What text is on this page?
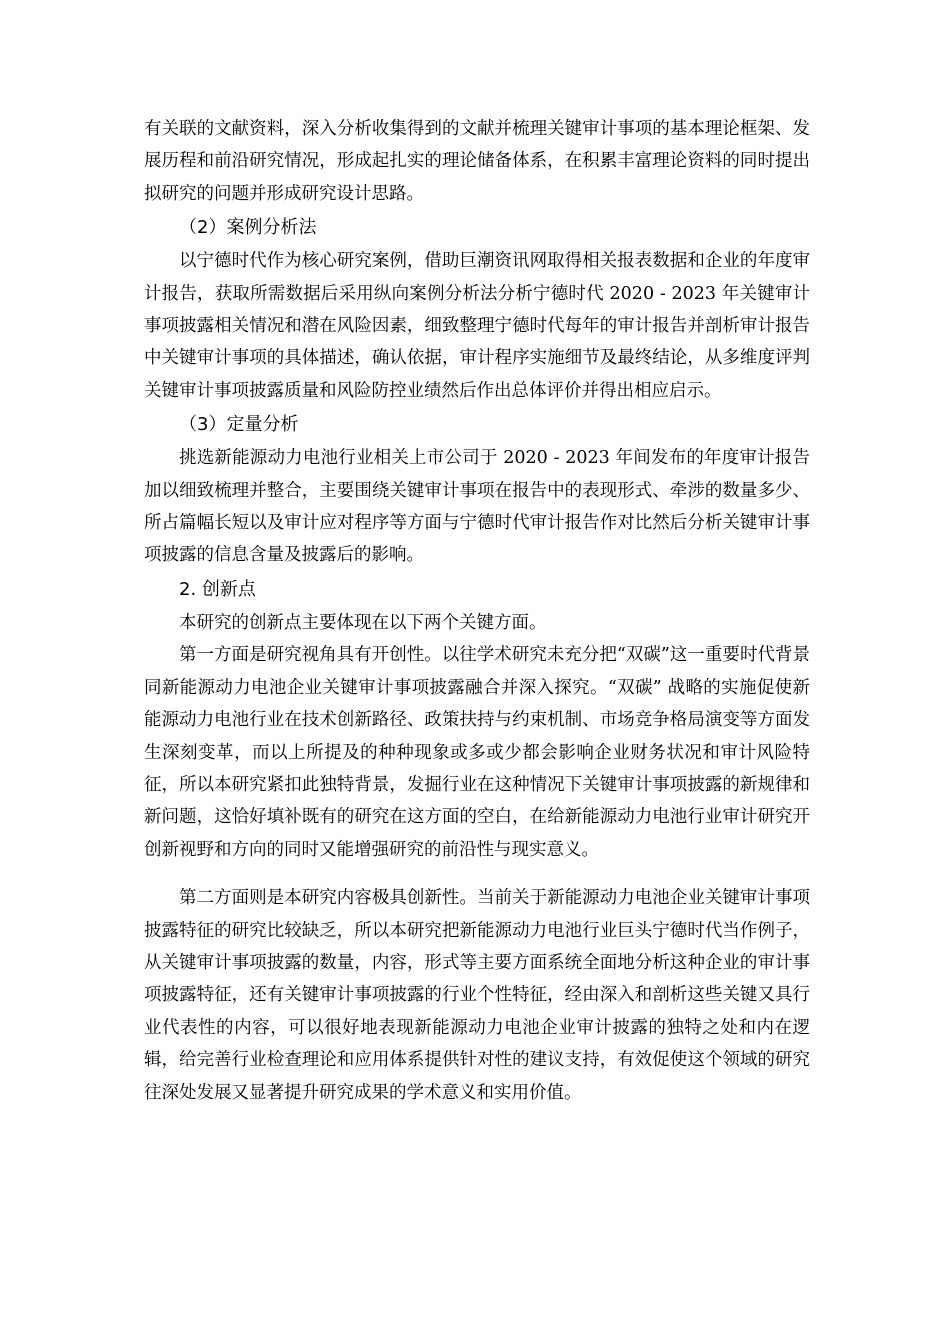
有关联的文献资料，深入分析收集得到的文献并梳理关键审计事项的基本理论框架、发展历程和前沿研究情况，形成起扎实的理论储备体系，在积累丰富理论资料的同时提出拟研究的问题并形成研究设计思路。

（2）案例分析法

以宁德时代作为核心研究案例，借助巨潮资讯网取得相关报表数据和企业的年度审计报告，获取所需数据后采用纵向案例分析法分析宁德时代 2020 - 2023 年关键审计事项披露相关情况和潜在风险因素，细致整理宁德时代每年的审计报告并剖析审计报告中关键审计事项的具体描述，确认依据，审计程序实施细节及最终结论，从多维度评判关键审计事项披露质量和风险防控业绩然后作出总体评价并得出相应启示。

（3）定量分析

挑选新能源动力电池行业相关上市公司于 2020 - 2023 年间发布的年度审计报告加以细致梳理并整合，主要围绕关键审计事项在报告中的表现形式、牵涉的数量多少、所占篇幅长短以及审计应对程序等方面与宁德时代审计报告作对比然后分析关键审计事项披露的信息含量及披露后的影响。

2. 创新点

本研究的创新点主要体现在以下两个关键方面。

第一方面是研究视角具有开创性。以往学术研究未充分把“双碳”这一重要时代背景同新能源动力电池企业关键审计事项披露融合并深入探究。“双碳” 战略的实施促使新能源动力电池行业在技术创新路径、政策扶持与约束机制、市场竞争格局演变等方面发生深刻变革，而以上所提及的种种现象或多或少都会影响企业财务状况和审计风险特征，所以本研究紧扣此独特背景，发掘行业在这种情况下关键审计事项披露的新规律和新问题，这恰好填补既有的研究在这方面的空白，在给新能源动力电池行业审计研究开创新视野和方向的同时又能增强研究的前沿性与现实意义。

第二方面则是本研究内容极具创新性。当前关于新能源动力电池企业关键审计事项披露特征的研究比较缺乏，所以本研究把新能源动力电池行业巨头宁德时代当作例子，从关键审计事项披露的数量，内容，形式等主要方面系统全面地分析这种企业的审计事项披露特征，还有关键审计事项披露的行业个性特征，经由深入和剖析这些关键又具行业代表性的内容，可以很好地表现新能源动力电池企业审计披露的独特之处和内在逻辑，给完善行业检查理论和应用体系提供针对性的建议支持，有效促使这个领域的研究往深处发展又显著提升研究成果的学术意义和实用价值。
